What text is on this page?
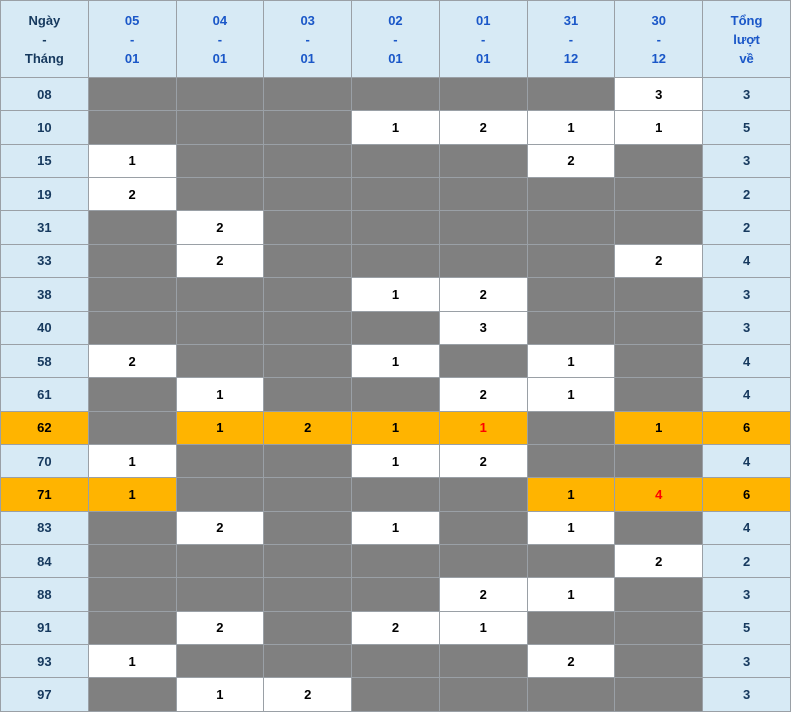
Ngày
-
Tháng

05
-
01

04
-
01

03
-
01

02
-
01

01
-
01

31
-
12

30
-
12

Tổng
lượt
về

08							3	3
10				1	2	1	1	5
15	1					2		3
19	2							2
31		2						2
33		2					2	4
38				1	2			3
40					3			3
58	2			1		1		4
61		1			2	1		4
62		1	2	1	1		1	6
70	1			1	2			4
71	1					1	4	6
83		2		1		1		4
84							2	2
88					2	1		3
91		2		2	1			5
93	1					2		3
97		1	2					3
